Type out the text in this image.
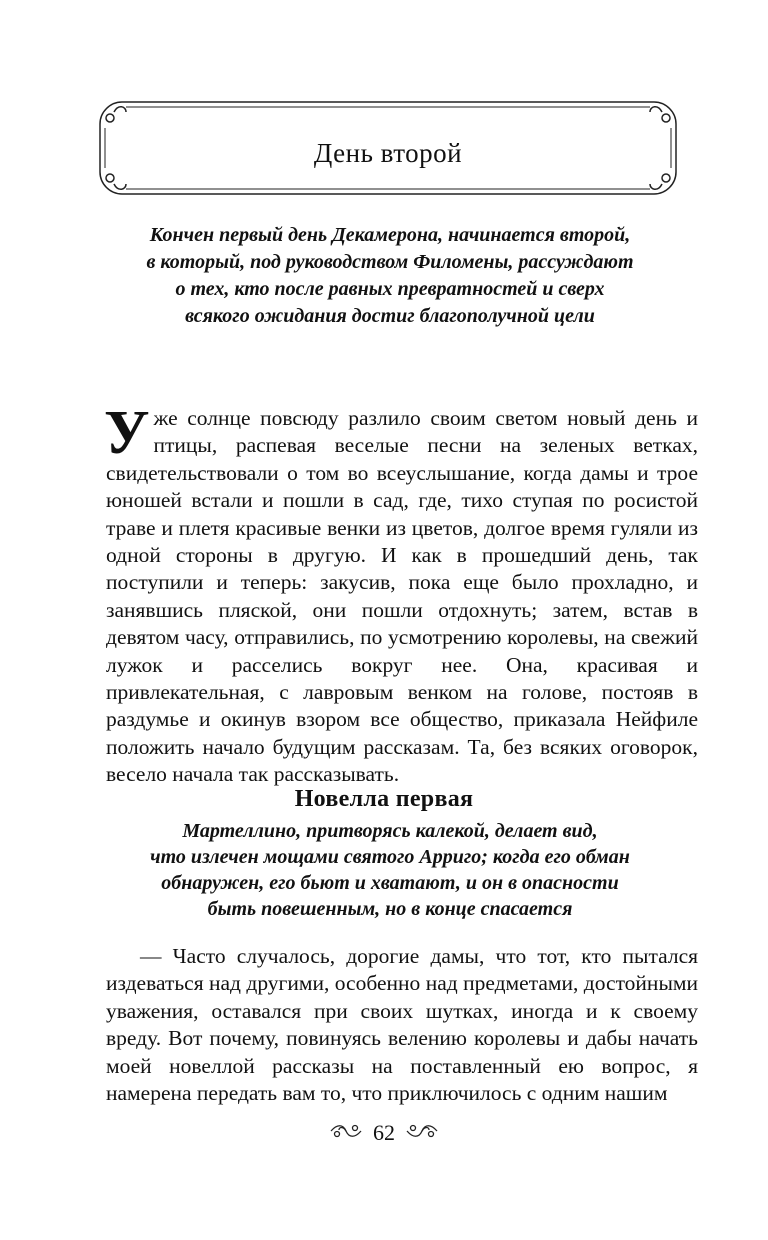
День второй
Кончен первый день Декамерона, начинается второй,
в который, под руководством Филомены, рассуждают
о тех, кто после равных превратностей и сверх
всякого ожидания достиг благополучной цели

Уже солнце повсюду разлило своим светом новый день и птицы, распевая веселые песни на зеленых ветках, свидетельствовали о том во всеуслышание, когда дамы и трое юношей встали и пошли в сад, где, тихо ступая по росистой траве и плетя красивые венки из цветов, долгое время гуляли из одной стороны в другую. И как в прошедший день, так поступили и теперь: закусив, пока еще было прохладно, и занявшись пляской, они пошли отдохнуть; затем, встав в девятом часу, отправились, по усмотрению королевы, на свежий лужок и расселись вокруг нее. Она, красивая и привлекательная, с лавровым венком на голове, постояв в раздумье и окинув взором все общество, приказала Нейфиле положить начало будущим рассказам. Та, без всяких оговорок, весело начала так рассказывать.

Новелла первая
Мартеллино, притворясь калекой, делает вид,
что излечен мощами святого Арриго; когда его обман
обнаружен, его бьют и хватают, и он в опасности
быть повешенным, но в конце спасается

— Часто случалось, дорогие дамы, что тот, кто пытался издеваться над другими, особенно над предметами, достойными уважения, оставался при своих шутках, иногда и к своему вреду. Вот почему, повинуясь велению королевы и дабы начать моей новеллой рассказы на поставленный ею вопрос, я намерена передать вам то, что приключилось с одним нашим

62
